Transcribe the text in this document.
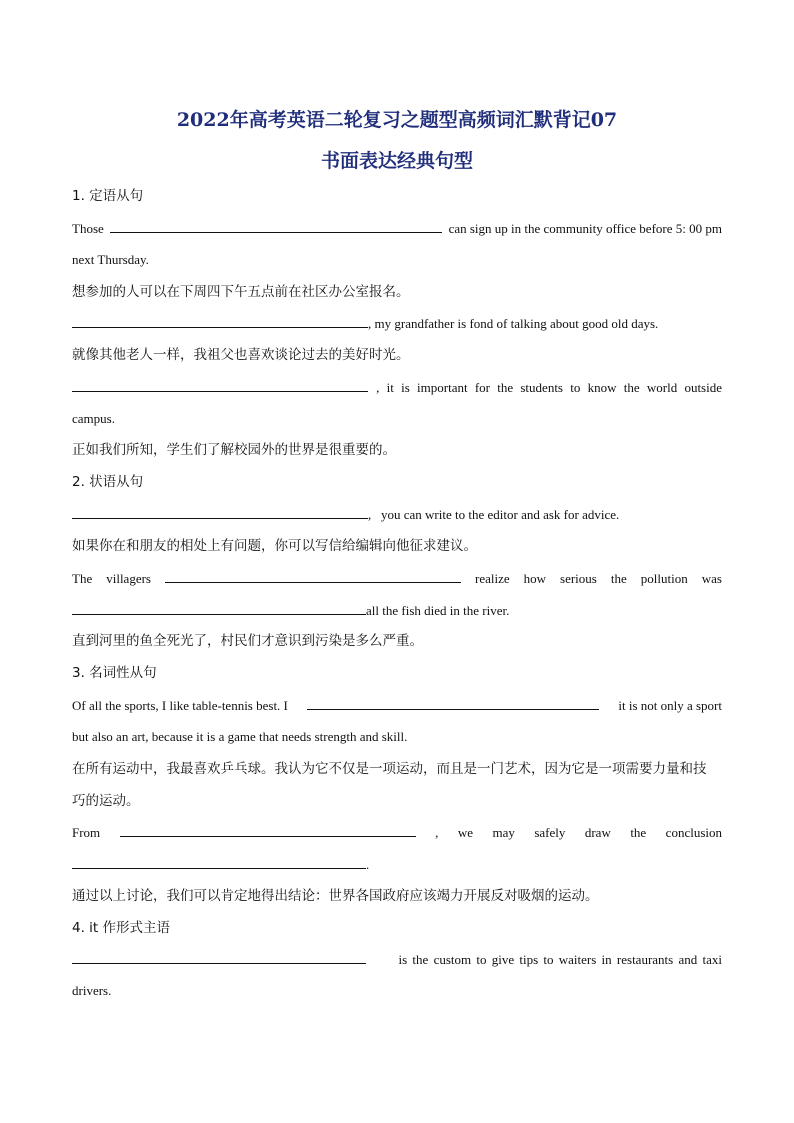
2022年高考英语二轮复习之题型高频词汇默背记07
书面表达经典句型
1. 定语从句
Those	can sign up in the community office before 5: 00 pm
next Thursday.
想参加的人可以在下周四下午五点前在社区办公室报名。
, my grandfather is fond of talking about good old days.
就像其他老人一样，我祖父也喜欢谈论过去的美好时光。
, it is important for the students to know the world outside
campus.
正如我们所知，学生们了解校园外的世界是很重要的。
2. 状语从句
,   you can write to the editor and ask for advice.
如果你在和朋友的相处上有问题，你可以写信给编辑向他征求建议。
The villagers	realize how serious the pollution was
all the fish died in the river.
直到河里的鱼全死光了，村民们才意识到污染是多么严重。
3. 名词性从句
Of all the sports, I like table-tennis best. I	it is not only a sport
but also an art, because it is a game that needs strength and skill.
在所有运动中，我最喜欢乒乓球。我认为它不仅是一项运动，而且是一门艺术，因为它是一项需要力量和技
巧的运动。
From	, we may safely draw the conclusion
.
通过以上讨论，我们可以肯定地得出结论：世界各国政府应该竭力开展反对吸烟的运动。
4. it 作形式主语
is the custom to give tips to waiters in restaurants and taxi
drivers.
